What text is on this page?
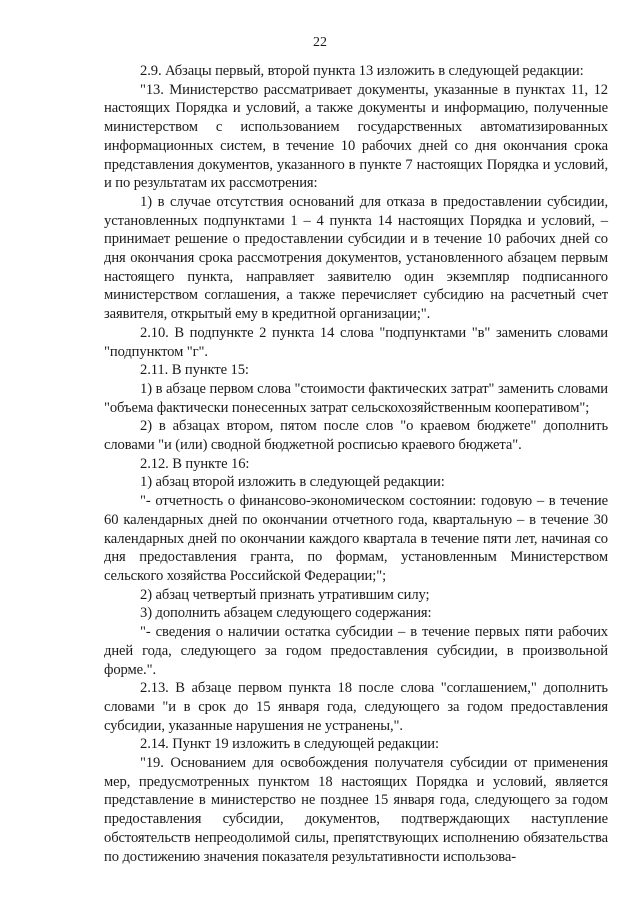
22

2.9. Абзацы первый, второй пункта 13 изложить в следующей редакции:

"13. Министерство рассматривает документы, указанные в пунктах 11, 12 настоящих Порядка и условий, а также документы и информацию, полученные министерством с использованием государственных автоматизированных информационных систем, в течение 10 рабочих дней со дня окончания срока представления документов, указанного в пункте 7 настоящих Порядка и условий, и по результатам их рассмотрения:

1) в случае отсутствия оснований для отказа в предоставлении субсидии, установленных подпунктами 1 – 4 пункта 14 настоящих Порядка и условий, – принимает решение о предоставлении субсидии и в течение 10 рабочих дней со дня окончания срока рассмотрения документов, установленного абзацем первым настоящего пункта, направляет заявителю один экземпляр подписанного министерством соглашения, а также перечисляет субсидию на расчетный счет заявителя, открытый ему в кредитной организации;".

2.10. В подпункте 2 пункта 14 слова "подпунктами "в" заменить словами "подпунктом "г".

2.11. В пункте 15:

1) в абзаце первом слова "стоимости фактических затрат" заменить словами "объема фактически понесенных затрат сельскохозяйственным кооперативом";

2) в абзацах втором, пятом после слов "о краевом бюджете" дополнить словами "и (или) сводной бюджетной росписью краевого бюджета".

2.12. В пункте 16:

1) абзац второй изложить в следующей редакции:

"- отчетность о финансово-экономическом состоянии: годовую – в течение 60 календарных дней по окончании отчетного года, квартальную – в течение 30 календарных дней по окончании каждого квартала в течение пяти лет, начиная со дня предоставления гранта, по формам, установленным Министерством сельского хозяйства Российской Федерации;";

2) абзац четвертый признать утратившим силу;

3) дополнить абзацем следующего содержания:

"- сведения о наличии остатка субсидии – в течение первых пяти рабочих дней года, следующего за годом предоставления субсидии, в произвольной форме.".

2.13. В абзаце первом пункта 18 после слова "соглашением," дополнить словами "и в срок до 15 января года, следующего за годом предоставления субсидии, указанные нарушения не устранены,".

2.14. Пункт 19 изложить в следующей редакции:

"19. Основанием для освобождения получателя субсидии от применения мер, предусмотренных пунктом 18 настоящих Порядка и условий, является представление в министерство не позднее 15 января года, следующего за годом предоставления субсидии, документов, подтверждающих наступление обстоятельств непреодолимой силы, препятствующих исполнению обязательства по достижению значения показателя результативности использова-
